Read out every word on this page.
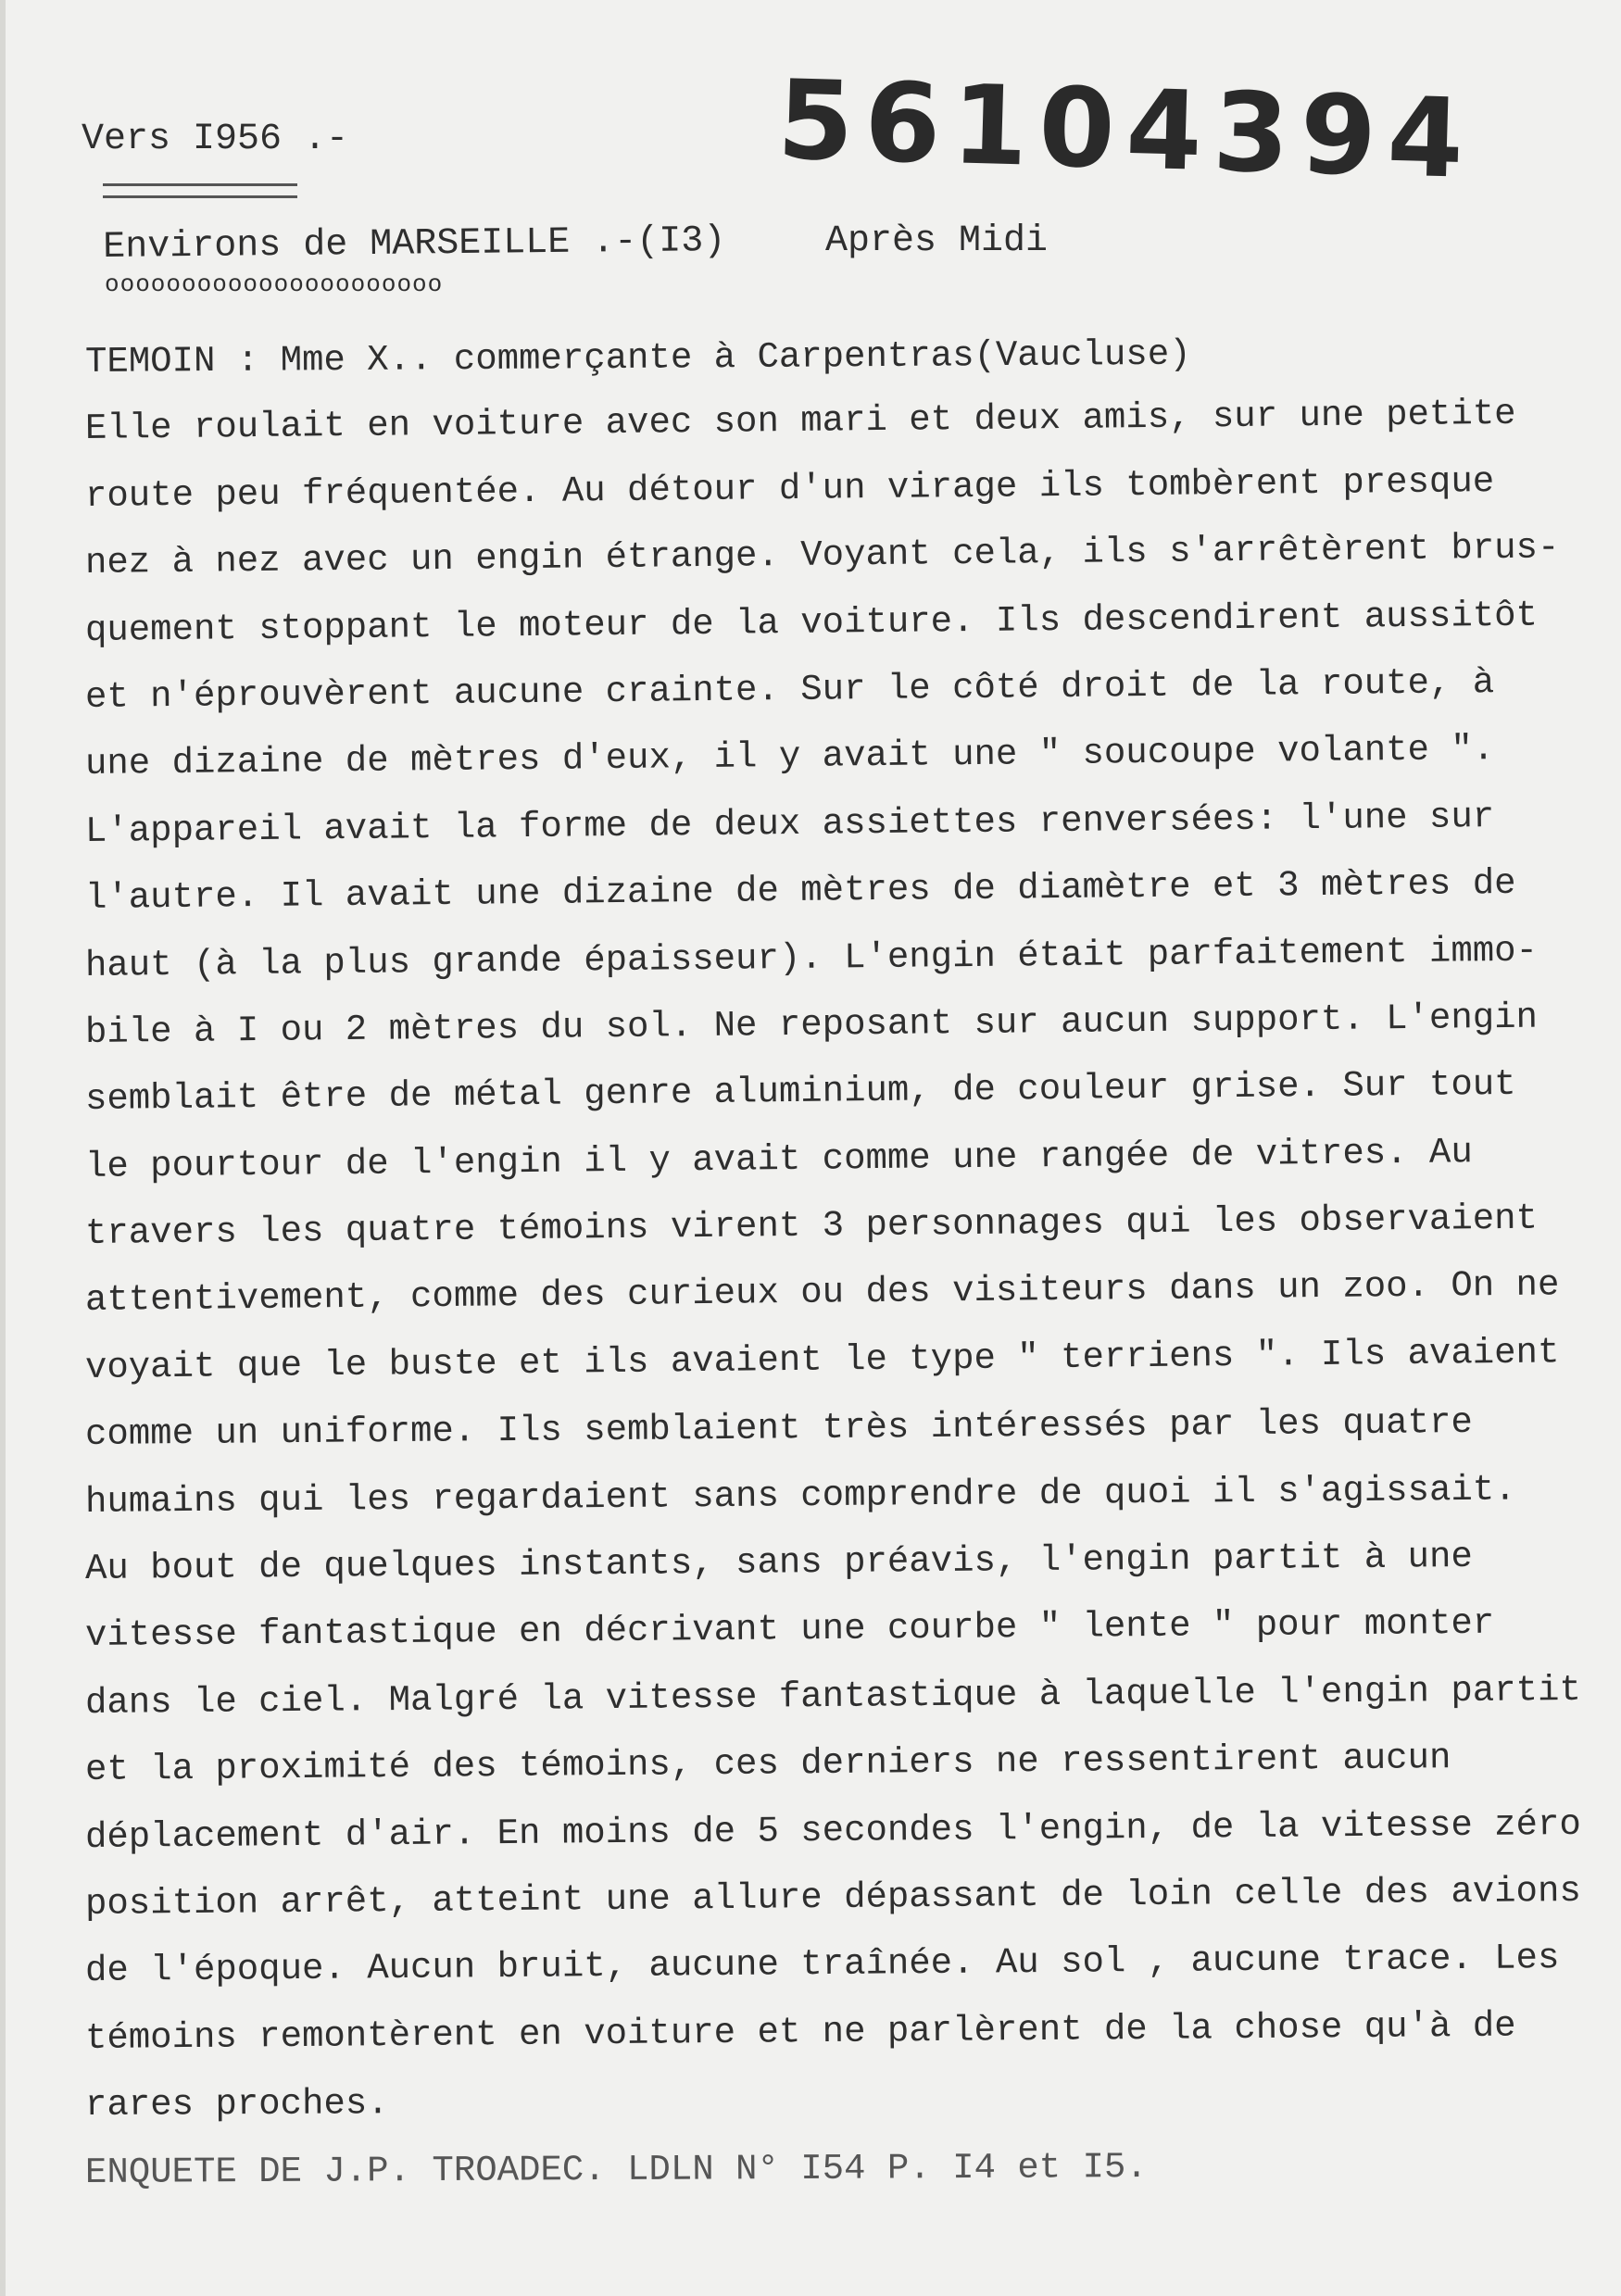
56104394
Vers I956 .-
Environs de MARSEILLE .-(I3)	Après Midi
oooooooooooooooooooooo
TEMOIN : Mme X.. commerçante à Carpentras(Vaucluse)
Elle roulait en voiture avec son mari et deux amis, sur une petite
route peu fréquentée. Au détour d'un virage ils tombèrent presque
nez à nez avec un engin étrange. Voyant cela, ils s'arrêtèrent brus-
quement stoppant le moteur de la voiture. Ils descendirent aussitôt
et n'éprouvèrent aucune crainte. Sur le côté droit de la route, à
une dizaine de mètres d'eux, il y avait une " soucoupe volante ".
L'appareil avait la forme de deux assiettes renversées: l'une sur
l'autre. Il avait une dizaine de mètres de diamètre et 3 mètres de
haut (à la plus grande épaisseur). L'engin était parfaitement immo-
bile à I ou 2 mètres du sol. Ne reposant sur aucun support. L'engin
semblait être de métal genre aluminium, de couleur grise. Sur tout
le pourtour de l'engin il y avait comme une rangée de vitres. Au
travers les quatre témoins virent 3 personnages qui les observaient
attentivement, comme des curieux ou des visiteurs dans un zoo. On ne
voyait que le buste et ils avaient le type " terriens ". Ils avaient
comme un uniforme. Ils semblaient très intéressés par les quatre
humains qui les regardaient sans comprendre de quoi il s'agissait.
Au bout de quelques instants, sans préavis, l'engin partit à une
vitesse fantastique en décrivant une courbe " lente " pour monter
dans le ciel. Malgré la vitesse fantastique à laquelle l'engin partit
et la proximité des témoins, ces derniers ne ressentirent aucun
déplacement d'air. En moins de 5 secondes l'engin, de la vitesse zéro
position arrêt, atteint une allure dépassant de loin celle des avions
de l'époque. Aucun bruit, aucune traînée. Au sol , aucune trace. Les
témoins remontèrent en voiture et ne parlèrent de la chose qu'à de
rares proches.
ENQUETE DE J.P. TROADEC. LDLN N° I54 P. I4 et I5.
